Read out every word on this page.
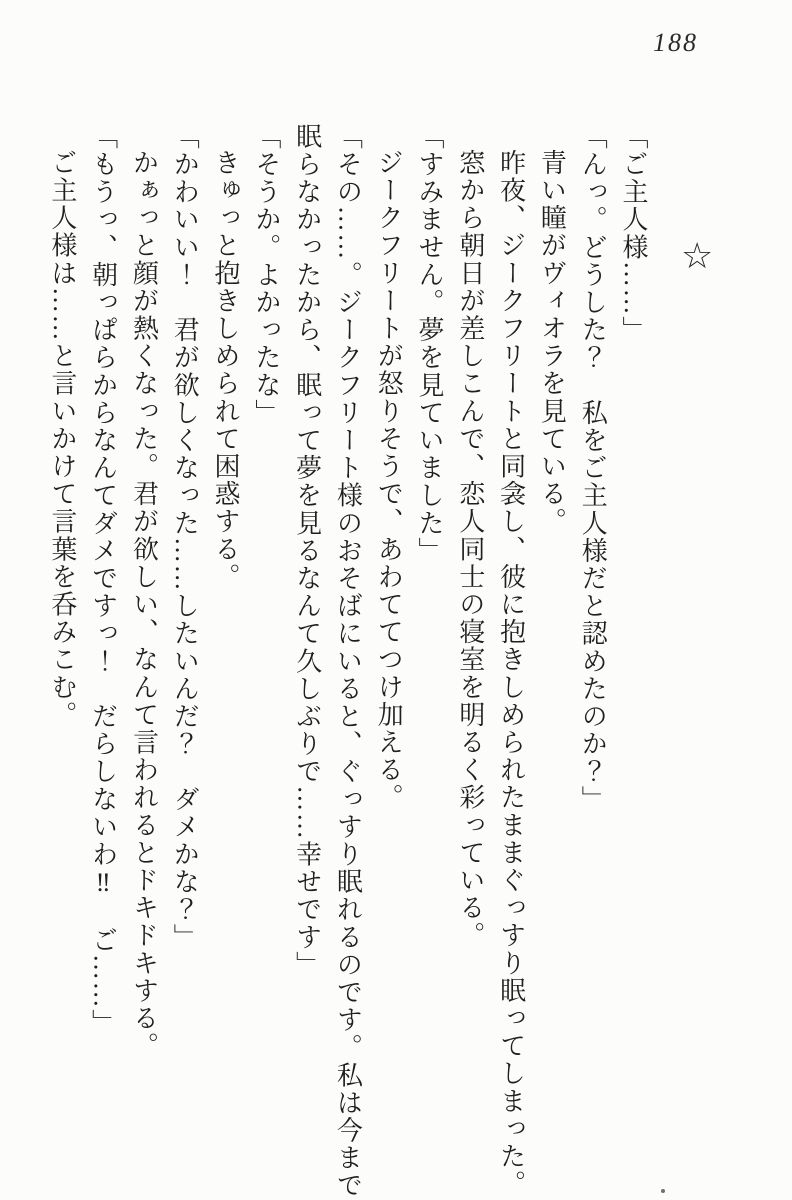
188
☆

「ご主人様……」

「んっ。どうした？　私をご主人様だと認めたのか？」

青い瞳がヴィオラを見ている。

昨夜、ジークフリートと同衾し、彼に抱きしめられたままぐっすり眠ってしまった。

窓から朝日が差しこんで、恋人同士の寝室を明るく彩っている。

「すみません。夢を見ていました」

ジークフリートが怒りそうで、あわててつけ加える。

「その……。ジークフリート様のおそばにいると、ぐっすり眠れるのです。私は今まで眠らなかったから、眠って夢を見るなんて久しぶりで……幸せです」

「そうか。よかったな」

きゅっと抱きしめられて困惑する。

「かわいい！　君が欲しくなった……したいんだ？　ダメかな？」

かぁっと顔が熱くなった。君が欲しい、なんて言われるとドキドキする。

「もうっ、朝っぱらからなんてダメですっ！　だらしないわ‼　ご……」

ご主人様は……と言いかけて言葉を呑みこむ。
